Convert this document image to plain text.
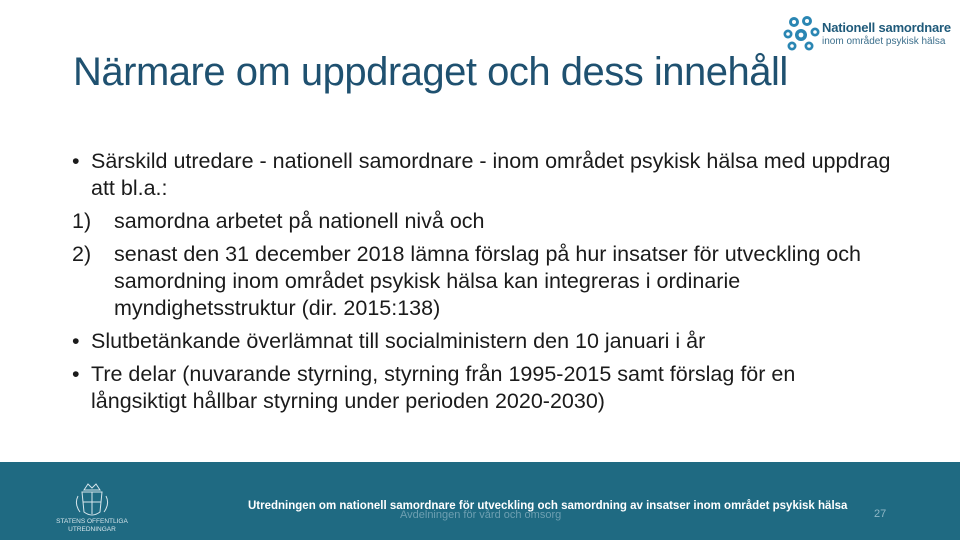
Nationell samordnare
inom området psykisk hälsa
Närmare om uppdraget och dess innehåll
• Särskild utredare - nationell samordnare - inom området psykisk hälsa med uppdrag att bl.a.:
1)	samordna arbetet på nationell nivå och
2)	senast den 31 december 2018 lämna förslag på hur insatser för utveckling och samordning inom området psykisk hälsa kan integreras i ordinarie myndighetsstruktur (dir. 2015:138)
• Slutbetänkande överlämnat till socialministern den 10 januari i år
• Tre delar (nuvarande styrning, styrning från 1995-2015 samt förslag för en långsiktigt hållbar styrning under perioden 2020-2030)
STATENS OFFENTLIGA UTREDNINGAR
Avdelningen för vård och omsorg
Utredningen om nationell samordnare för utveckling och samordning av insatser inom området psykisk hälsa
27
